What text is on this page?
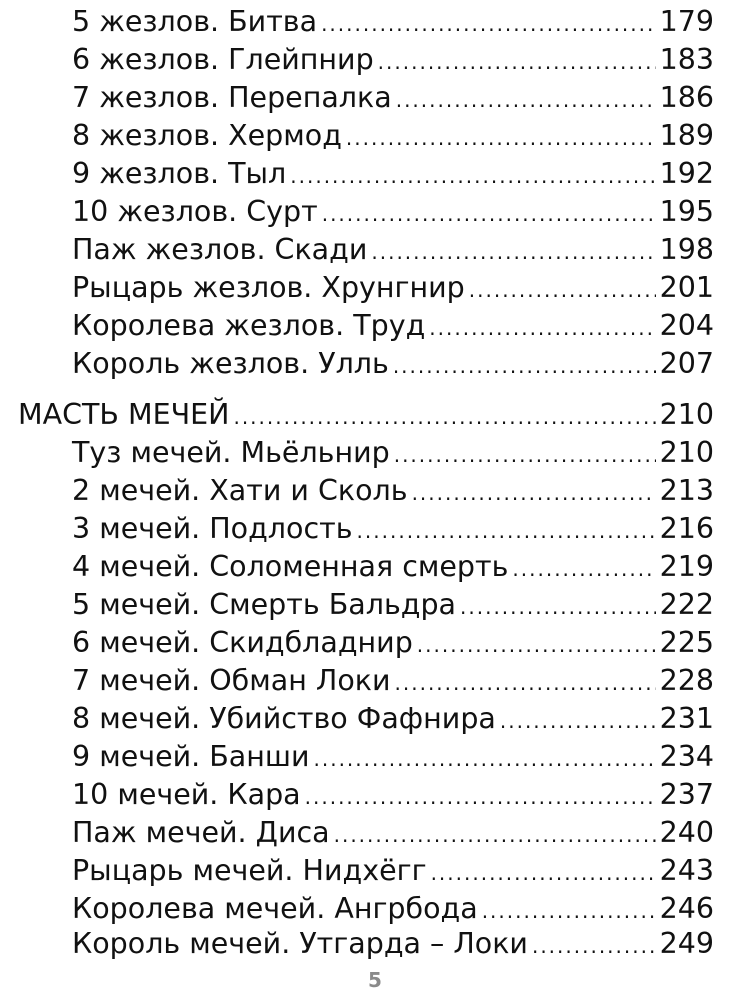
5 жезлов. Битва .....	179
6 жезлов. Глейпнир .....	183
7 жезлов. Перепалка .....	186
8 жезлов. Хермод .....	189
9 жезлов. Тыл .....	192
10 жезлов. Сурт .....	195
Паж жезлов. Скади .....	198
Рыцарь жезлов. Хрунгнир .....	201
Королева жезлов. Труд .....	204
Король жезлов. Улль .....	207
МАСТЬ МЕЧЕЙ .....	210
Туз мечей. Мьёльнир .....	210
2 мечей. Хати и Сколь .....	213
3 мечей. Подлость .....	216
4 мечей. Соломенная смерть .....	219
5 мечей. Смерть Бальдра .....	222
6 мечей. Скидбладнир .....	225
7 мечей. Обман Локи .....	228
8 мечей. Убийство Фафнира .....	231
9 мечей. Банши .....	234
10 мечей. Кара .....	237
Паж мечей. Диса .....	240
Рыцарь мечей. Нидхёгг .....	243
Королева мечей. Ангрбода .....	246
Король мечей. Утгарда – Локи .....	249
5
